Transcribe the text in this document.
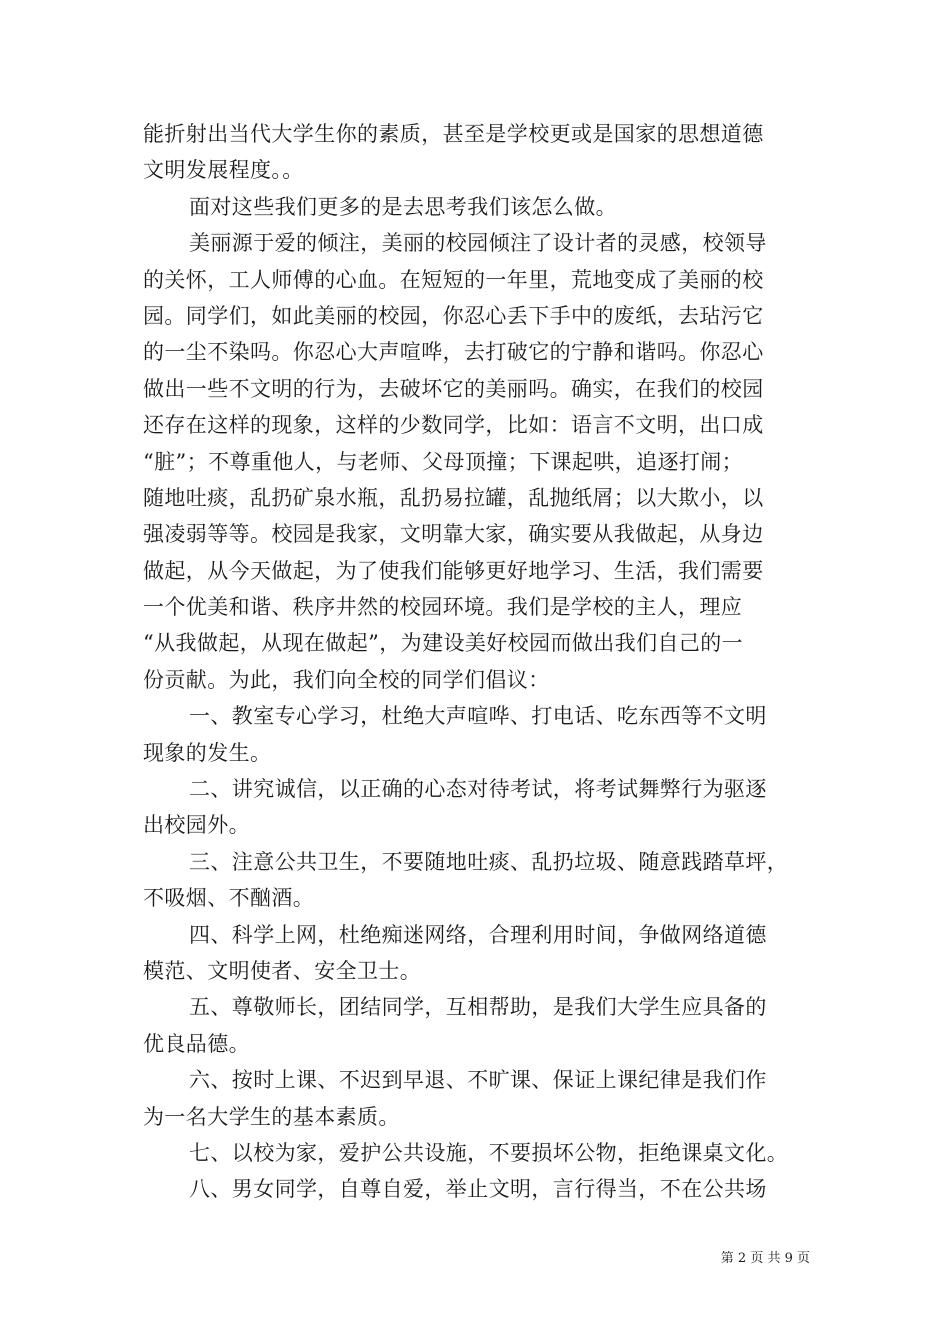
能折射出当代大学生你的素质，甚至是学校更或是国家的思想道德
文明发展程度。。
面对这些我们更多的是去思考我们该怎么做。
美丽源于爱的倾注，美丽的校园倾注了设计者的灵感，校领导
的关怀，工人师傅的心血。在短短的一年里，荒地变成了美丽的校
园。同学们，如此美丽的校园，你忍心丢下手中的废纸，去玷污它
的一尘不染吗。你忍心大声喧哗，去打破它的宁静和谐吗。你忍心
做出一些不文明的行为，去破坏它的美丽吗。确实，在我们的校园
还存在这样的现象，这样的少数同学，比如：语言不文明，出口成
“脏”；不尊重他人，与老师、父母顶撞；下课起哄，追逐打闹；
随地吐痰，乱扔矿泉水瓶，乱扔易拉罐，乱抛纸屑；以大欺小，以
强凌弱等等。校园是我家，文明靠大家，确实要从我做起，从身边
做起，从今天做起，为了使我们能够更好地学习、生活，我们需要
一个优美和谐、秩序井然的校园环境。我们是学校的主人，理应
“从我做起，从现在做起”，为建设美好校园而做出我们自己的一
份贡献。为此，我们向全校的同学们倡议：
一、教室专心学习，杜绝大声喧哗、打电话、吃东西等不文明
现象的发生。
二、讲究诚信，以正确的心态对待考试，将考试舞弊行为驱逐
出校园外。
三、注意公共卫生，不要随地吐痰、乱扔垃圾、随意践踏草坪，
不吸烟、不酗酒。
四、科学上网，杜绝痴迷网络，合理利用时间，争做网络道德
模范、文明使者、安全卫士。
五、尊敬师长，团结同学，互相帮助，是我们大学生应具备的
优良品德。
六、按时上课、不迟到早退、不旷课、保证上课纪律是我们作
为一名大学生的基本素质。
七、以校为家，爱护公共设施，不要损坏公物，拒绝课桌文化。
八、男女同学，自尊自爱，举止文明，言行得当，不在公共场
第 2 页 共 9 页
